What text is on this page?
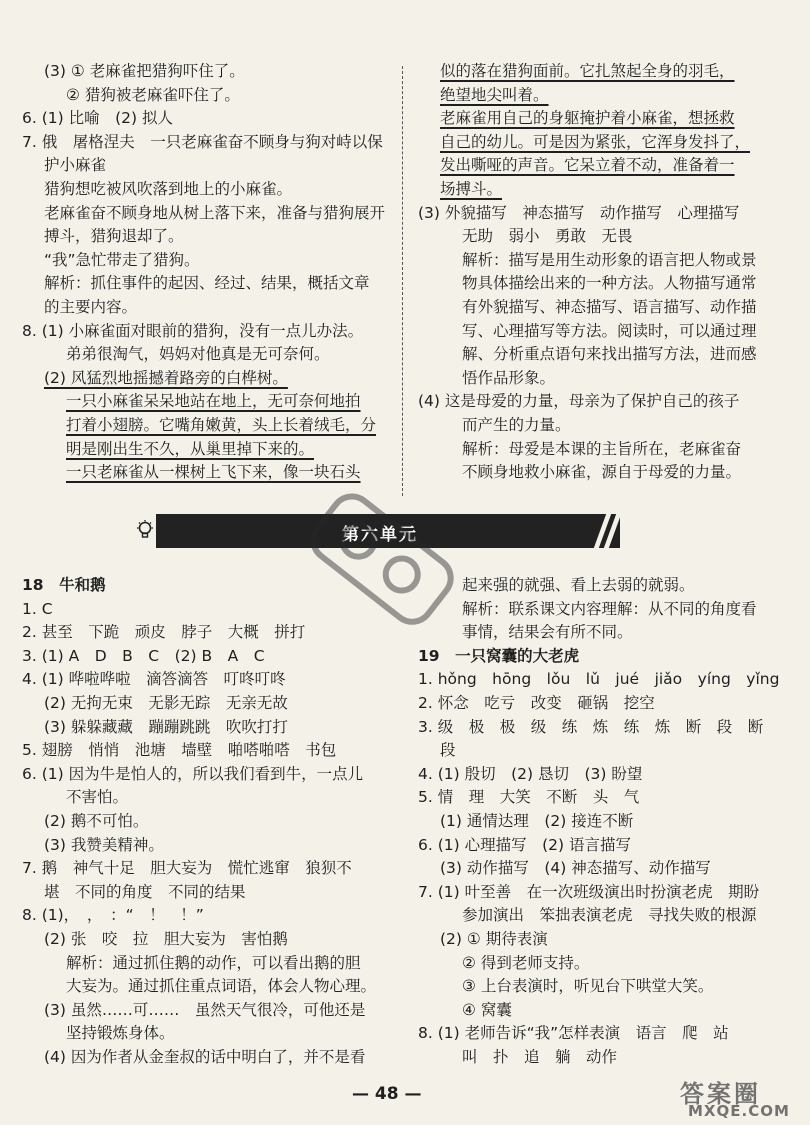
(3) ① 老麻雀把猎狗吓住了。
② 猎狗被老麻雀吓住了。
6. (1) 比喻　(2) 拟人
7. 俄　屠格涅夫　一只老麻雀奋不顾身与狗对峙以保
护小麻雀
猎狗想吃被风吹落到地上的小麻雀。
老麻雀奋不顾身地从树上落下来，准备与猎狗展开
搏斗，猎狗退却了。
“我”急忙带走了猎狗。
解析：抓住事件的起因、经过、结果，概括文章
的主要内容。
8. (1) 小麻雀面对眼前的猎狗，没有一点儿办法。
弟弟很淘气，妈妈对他真是无可奈何。
(2) 风猛烈地摇撼着路旁的白桦树。
一只小麻雀呆呆地站在地上，无可奈何地拍
打着小翅膀。它嘴角嫩黄，头上长着绒毛，分
明是刚出生不久，从巢里掉下来的。
一只老麻雀从一棵树上飞下来，像一块石头
似的落在猎狗面前。它扎煞起全身的羽毛，
绝望地尖叫着。
老麻雀用自己的身躯掩护着小麻雀，想拯救
自己的幼儿。可是因为紧张，它浑身发抖了，
发出嘶哑的声音。它呆立着不动，准备着一
场搏斗。
(3) 外貌描写　神态描写　动作描写　心理描写
无助　弱小　勇敢　无畏
解析：描写是用生动形象的语言把人物或景
物具体描绘出来的一种方法。人物描写通常
有外貌描写、神态描写、语言描写、动作描
写、心理描写等方法。阅读时，可以通过理
解、分析重点语句来找出描写方法，进而感
悟作品形象。
(4) 这是母爱的力量，母亲为了保护自己的孩子
而产生的力量。
解析：母爱是本课的主旨所在，老麻雀奋
不顾身地救小麻雀，源自于母爱的力量。
第六单元
18　牛和鹅
1. C
2. 甚至　下跪　顽皮　脖子　大概　拼打
3. (1) A　D　B　C　(2) B　A　C
4. (1) 哗啦哗啦　滴答滴答　叮咚叮咚
(2) 无拘无束　无影无踪　无亲无故
(3) 躲躲藏藏　蹦蹦跳跳　吹吹打打
5. 翅膀　悄悄　池塘　墙壁　啪嗒啪嗒　书包
6. (1) 因为牛是怕人的，所以我们看到牛，一点儿
不害怕。
(2) 鹅不可怕。
(3) 我赞美精神。
7. 鹅　神气十足　胆大妄为　慌忙逃窜　狼狈不
堪　不同的角度　不同的结果
8. (1)，　，　：“　！　！”
(2) 张　咬　拉　胆大妄为　害怕鹅
解析：通过抓住鹅的动作，可以看出鹅的胆
大妄为。通过抓住重点词语，体会人物心理。
(3) 虽然……可……　虽然天气很冷，可他还是
坚持锻炼身体。
(4) 因为作者从金奎叔的话中明白了，并不是看
起来强的就强、看上去弱的就弱。
解析：联系课文内容理解：从不同的角度看
事情，结果会有所不同。
19　一只窝囊的大老虎
1. hǒng　hōng　lǒu　lǔ　jué　jiǎo　yíng　yǐng
2. 怀念　吃亏　改变　砸锅　挖空
3. 级　极　极　级　练　炼　练　炼　断　段　断
段
4. (1) 殷切　(2) 恳切　(3) 盼望
5. 情　理　大笑　不断　头　气
(1) 通情达理　(2) 接连不断
6. (1) 心理描写　(2) 语言描写
(3) 动作描写　(4) 神态描写、动作描写
7. (1) 叶至善　在一次班级演出时扮演老虎　期盼
参加演出　笨拙表演老虎　寻找失败的根源
(2) ① 期待表演
② 得到老师支持。
③ 上台表演时，听见台下哄堂大笑。
④ 窝囊
8. (1) 老师告诉“我”怎样表演　语言　爬　站
叫　扑　追　躺　动作
— 48 —	答案圈
MXQE.COM
